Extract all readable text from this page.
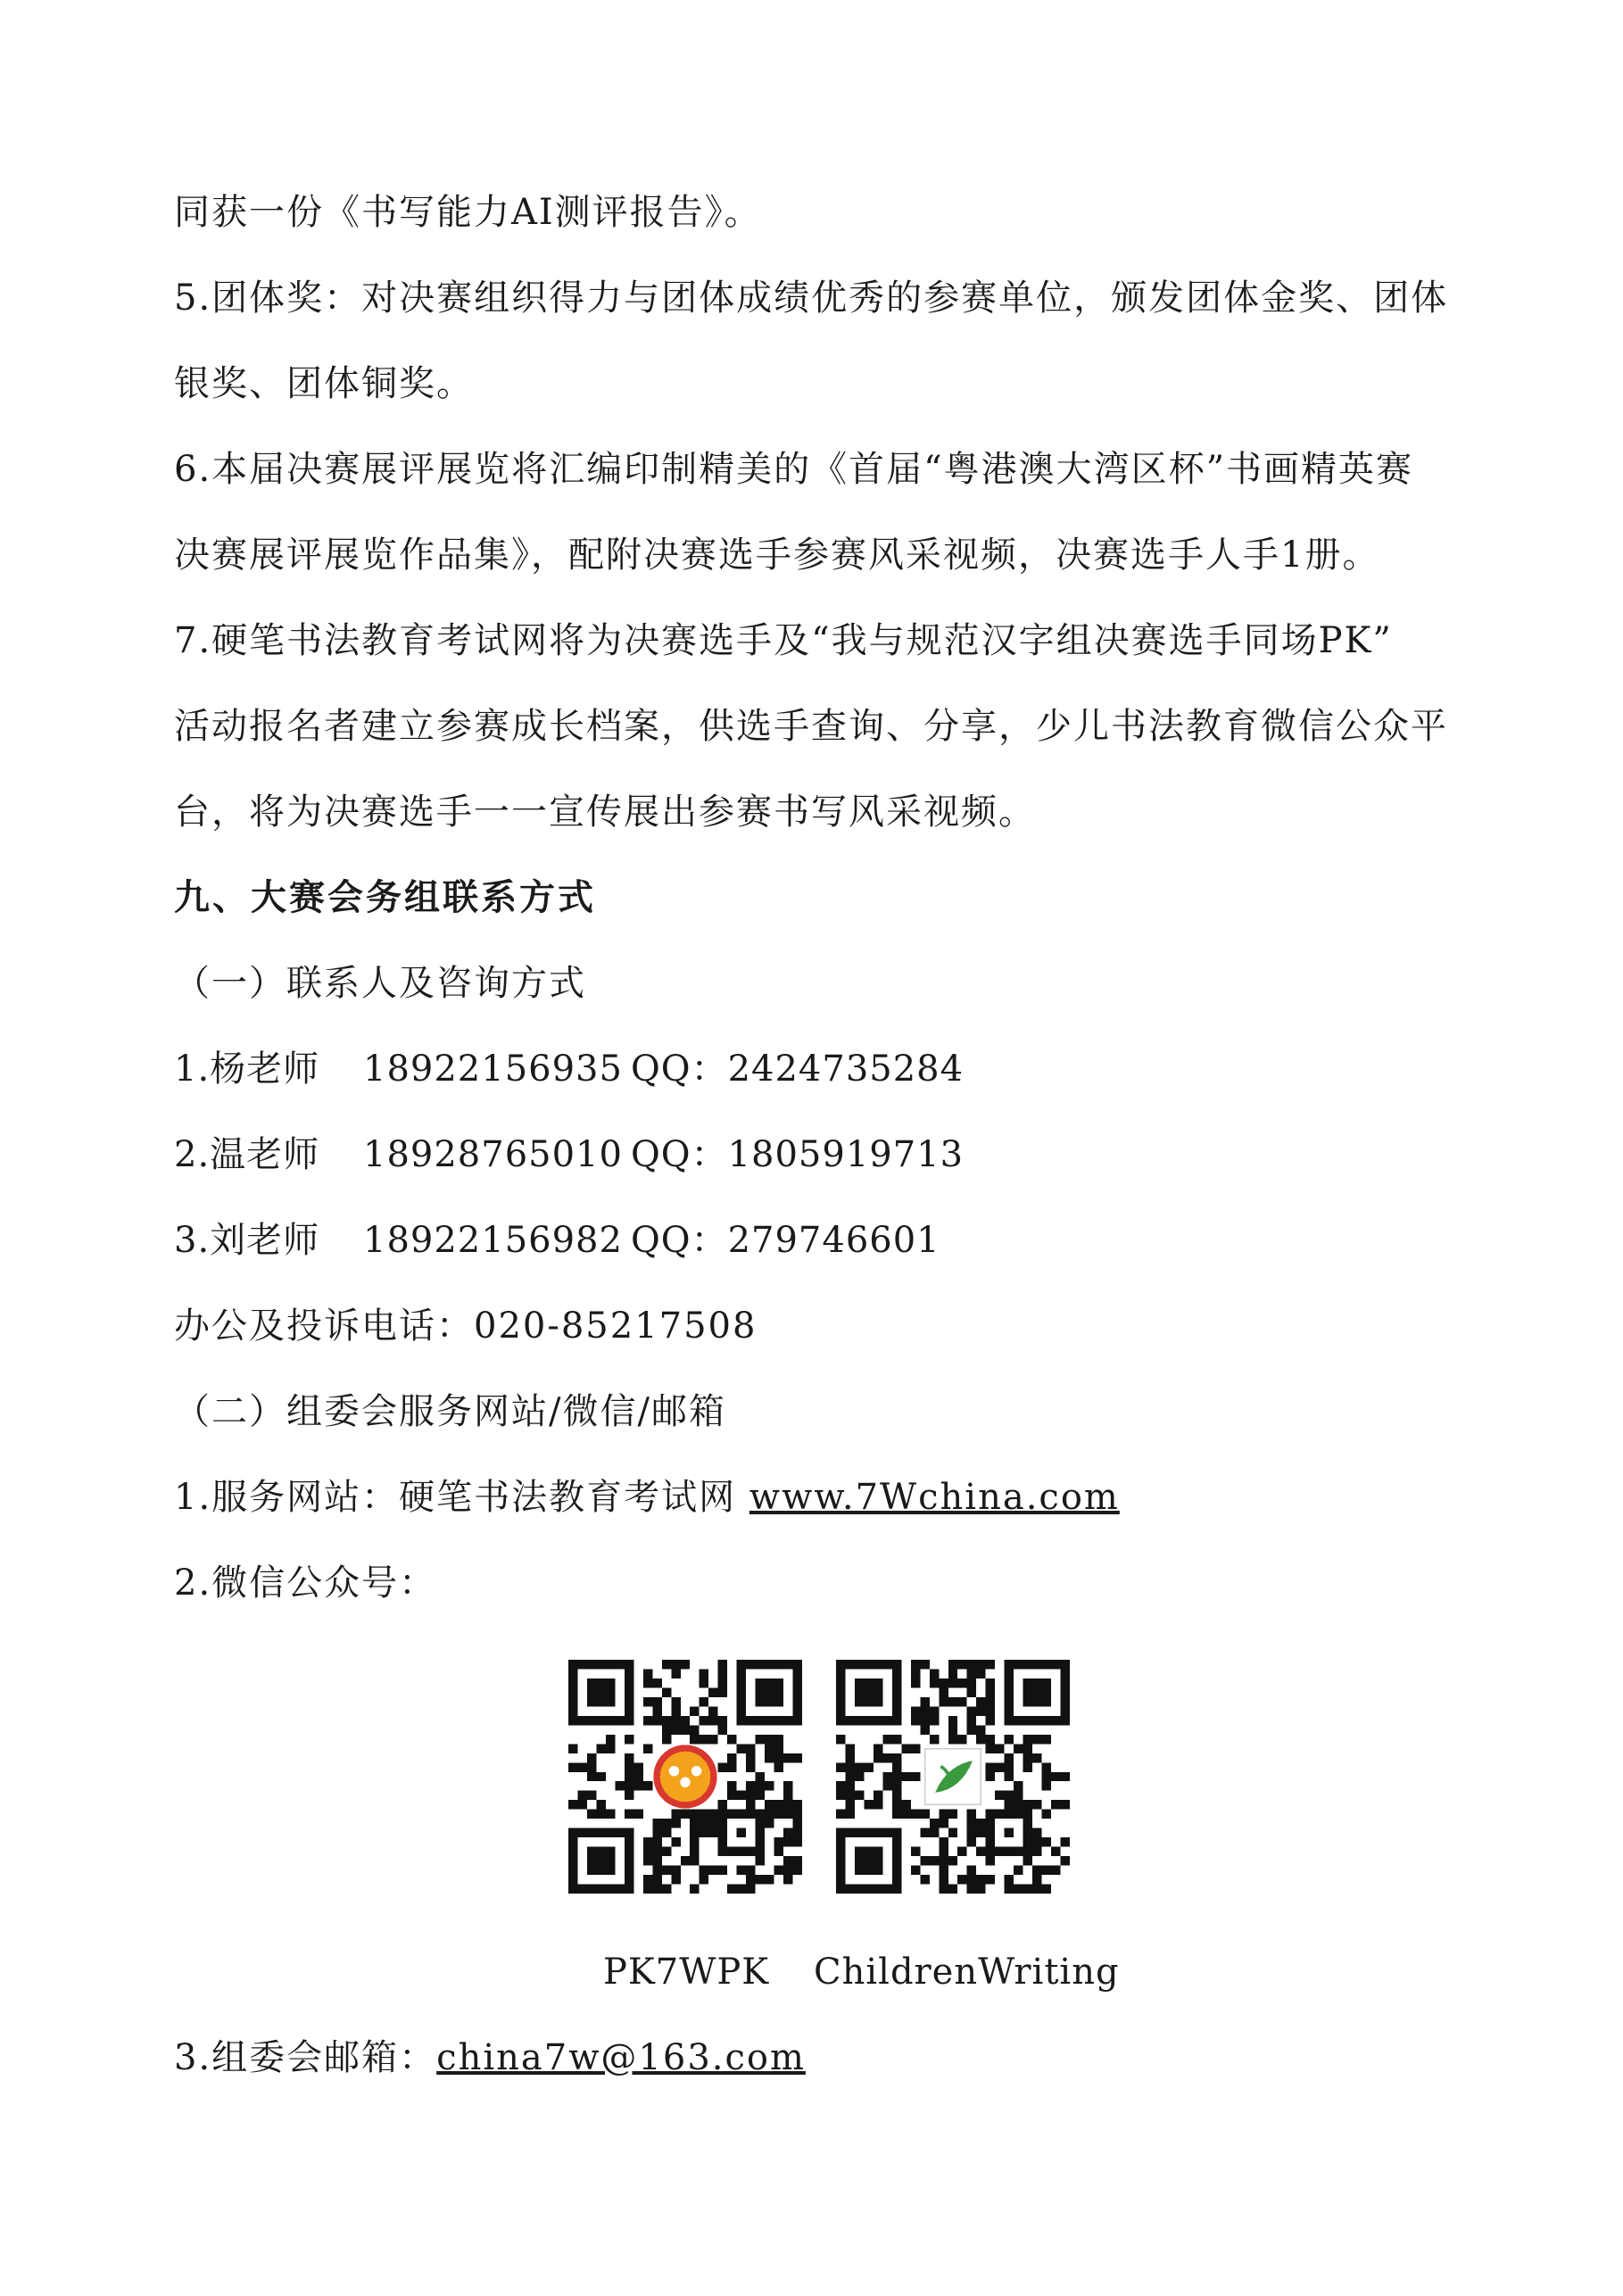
同获一份《书写能力AI测评报告》。
5.团体奖：对决赛组织得力与团体成绩优秀的参赛单位，颁发团体金奖、团体
银奖、团体铜奖。
6.本届决赛展评展览将汇编印制精美的《首届“粤港澳大湾区杯”书画精英赛
决赛展评展览作品集》，配附决赛选手参赛风采视频，决赛选手人手1册。
7.硬笔书法教育考试网将为决赛选手及“我与规范汉字组决赛选手同场PK”
活动报名者建立参赛成长档案，供选手查询、分享，少儿书法教育微信公众平
台，将为决赛选手一一宣传展出参赛书写风采视频。
九、大赛会务组联系方式
（一）联系人及咨询方式
1.杨老师 18922156935 QQ：2424735284
2.温老师 18928765010 QQ：1805919713
3.刘老师 18922156982 QQ：279746601
办公及投诉电话：020-85217508
（二）组委会服务网站/微信/邮箱
1.服务网站：硬笔书法教育考试网 www.7Wchina.com
2.微信公众号：
PK7WPK ChildrenWriting
3.组委会邮箱：china7w@163.com
